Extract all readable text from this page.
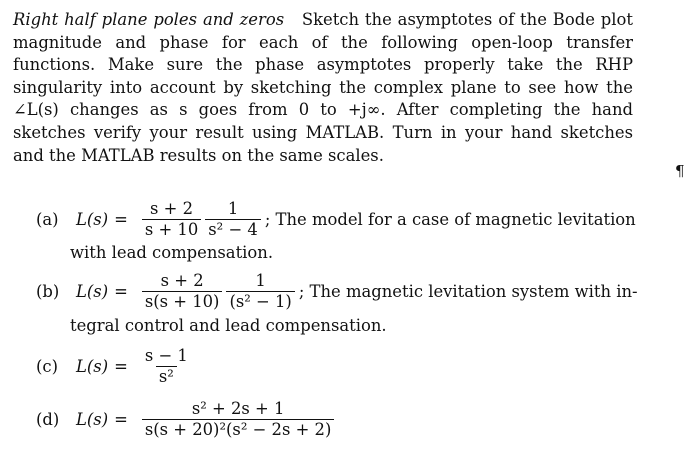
Right half plane poles and zeros Sketch the asymptotes of the Bode plot magnitude and phase for each of the following open-loop transfer functions. Make sure the phase asymptotes properly take the RHP singularity into account by sketching the complex plane to see how the ∠L(s) changes as s goes from 0 to +j∞. After completing the hand sketches verify your result using MATLAB. Turn in your hand sketches and the MATLAB results on the same scales.
¶
(a)	$L(s) = \frac{s + 2}{s + 10} \frac{1}{\text{s² − 4}}$ ; The model for a case of magnetic levitation
with lead compensation.
(b)	$L(s) = \frac{s + 2}{s(s + 10)} \frac{1}{\text{(s² − 1)}}$ ; The magnetic levitation system with in-
tegral control and lead compensation.
(c)	$L(s) = \frac{s - 1}{\text{s²}}$
(d)	$L(s) = \frac{\text{s² + 2s + 1}}{\text{s(s + 20)²(s² − 2s + 2)}}$
